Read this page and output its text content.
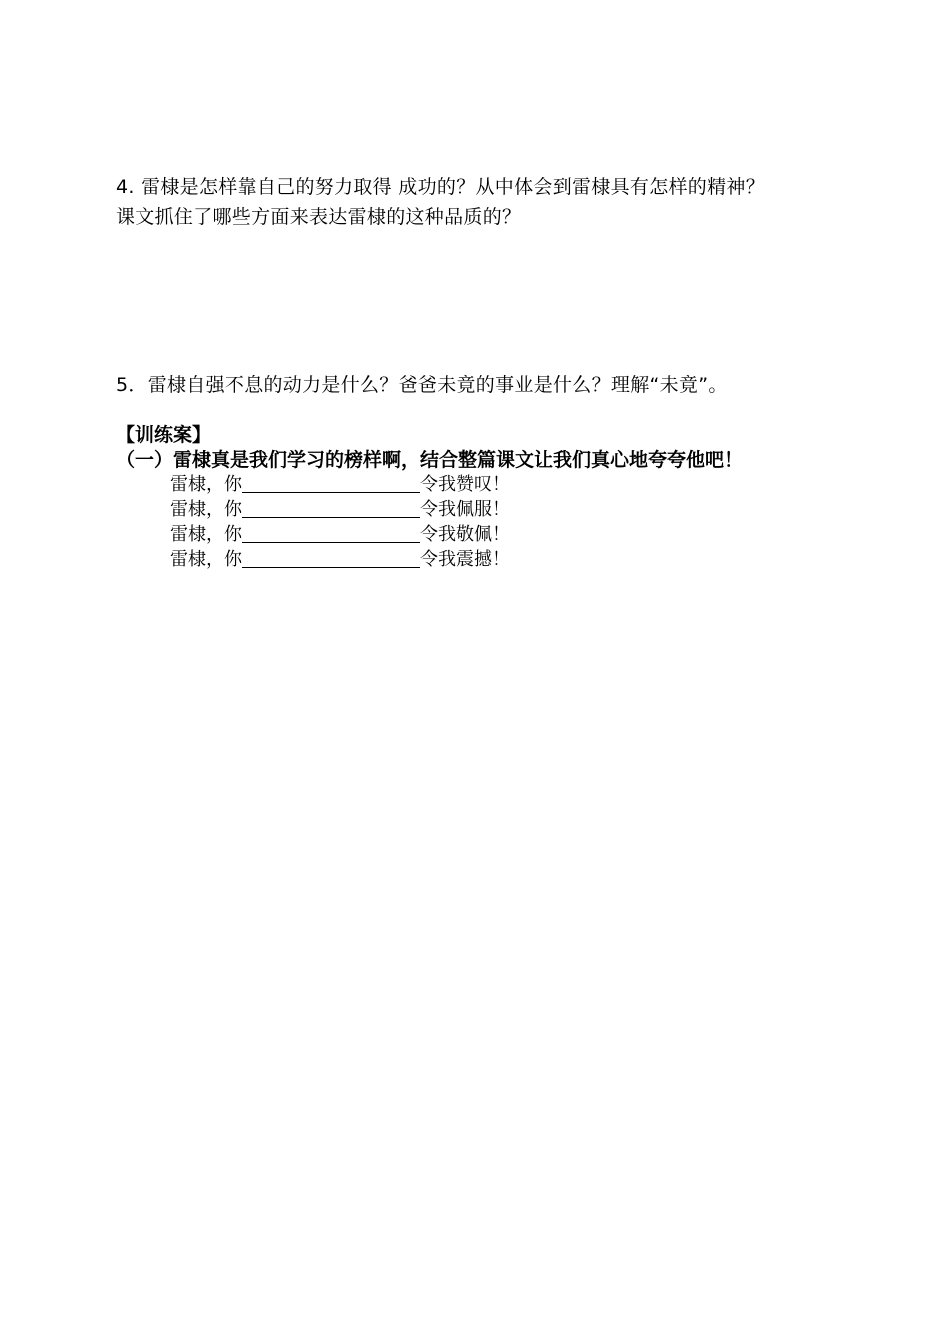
4. 雷棣是怎样靠自己的努力取得 成功的？从中体会到雷棣具有怎样的精神？
课文抓住了哪些方面来表达雷棣的这种品质的？
5．雷棣自强不息的动力是什么？爸爸未竟的事业是什么？理解“未竟”。
【训练案】
（一）雷棣真是我们学习的榜样啊，结合整篇课文让我们真心地夸夸他吧！
雷棣，你	令我赞叹！
雷棣，你	令我佩服！
雷棣，你	令我敬佩！
雷棣，你	令我震撼！
